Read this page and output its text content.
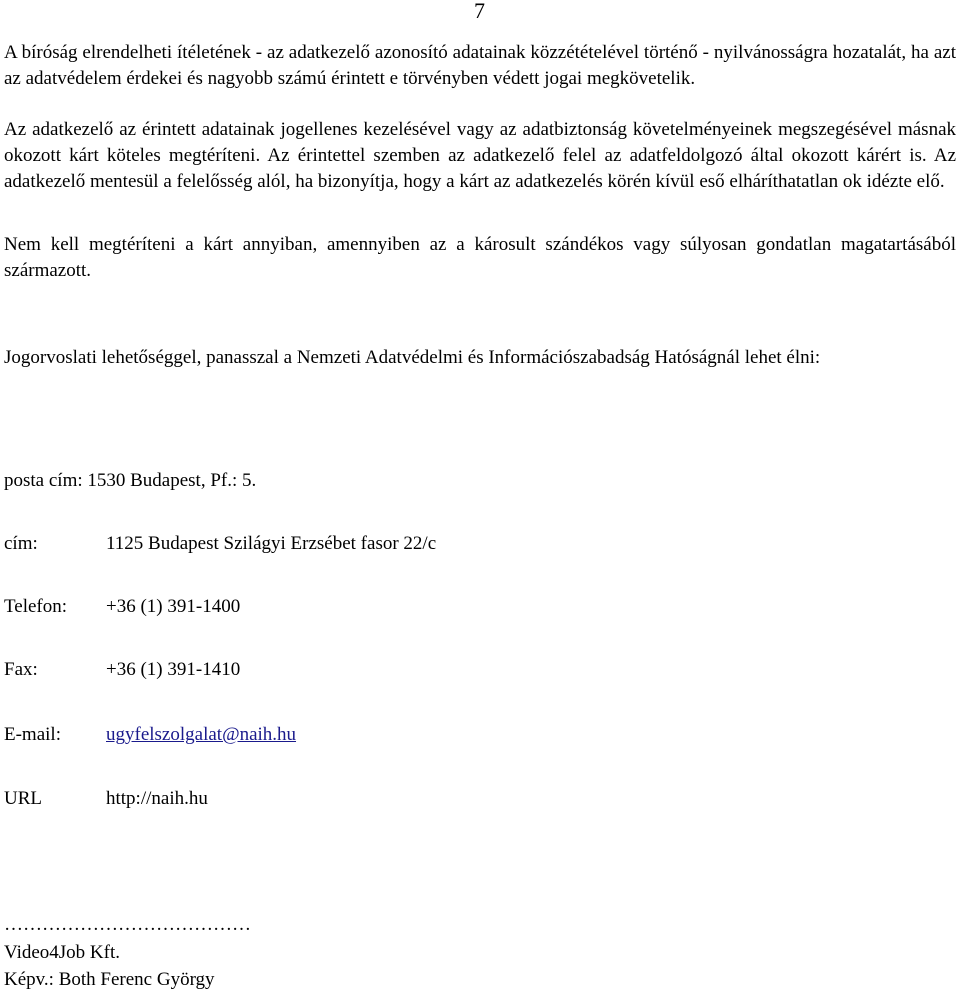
7

A bíróság elrendelheti ítéletének - az adatkezelő azonosító adatainak közzétételével történő - nyilvánosságra hozatalát, ha azt az adatvédelem érdekei és nagyobb számú érintett e törvényben védett jogai megkövetelik.

Az adatkezelő az érintett adatainak jogellenes kezelésével vagy az adatbiztonság követelményeinek megszegésével másnak okozott kárt köteles megtéríteni. Az érintettel szemben az adatkezelő felel az adatfeldolgozó által okozott kárért is. Az adatkezelő mentesül a felelősség alól, ha bizonyítja, hogy a kárt az adatkezelés körén kívül eső elháríthatatlan ok idézte elő.

Nem kell megtéríteni a kárt annyiban, amennyiben az a károsult szándékos vagy súlyosan gondatlan magatartásából származott.

Jogorvoslati lehetőséggel, panasszal a Nemzeti Adatvédelmi és Információszabadság Hatóságnál lehet élni:

posta cím: 1530 Budapest, Pf.: 5.
cím:	1125 Budapest Szilágyi Erzsébet fasor 22/c
Telefon: +36 (1) 391-1400
Fax:	+36 (1) 391-1410
E-mail: ugyfelszolgalat@naih.hu
URL	http://naih.hu
…………………………………
Video4Job Kft.
Képv.: Both Ferenc György
